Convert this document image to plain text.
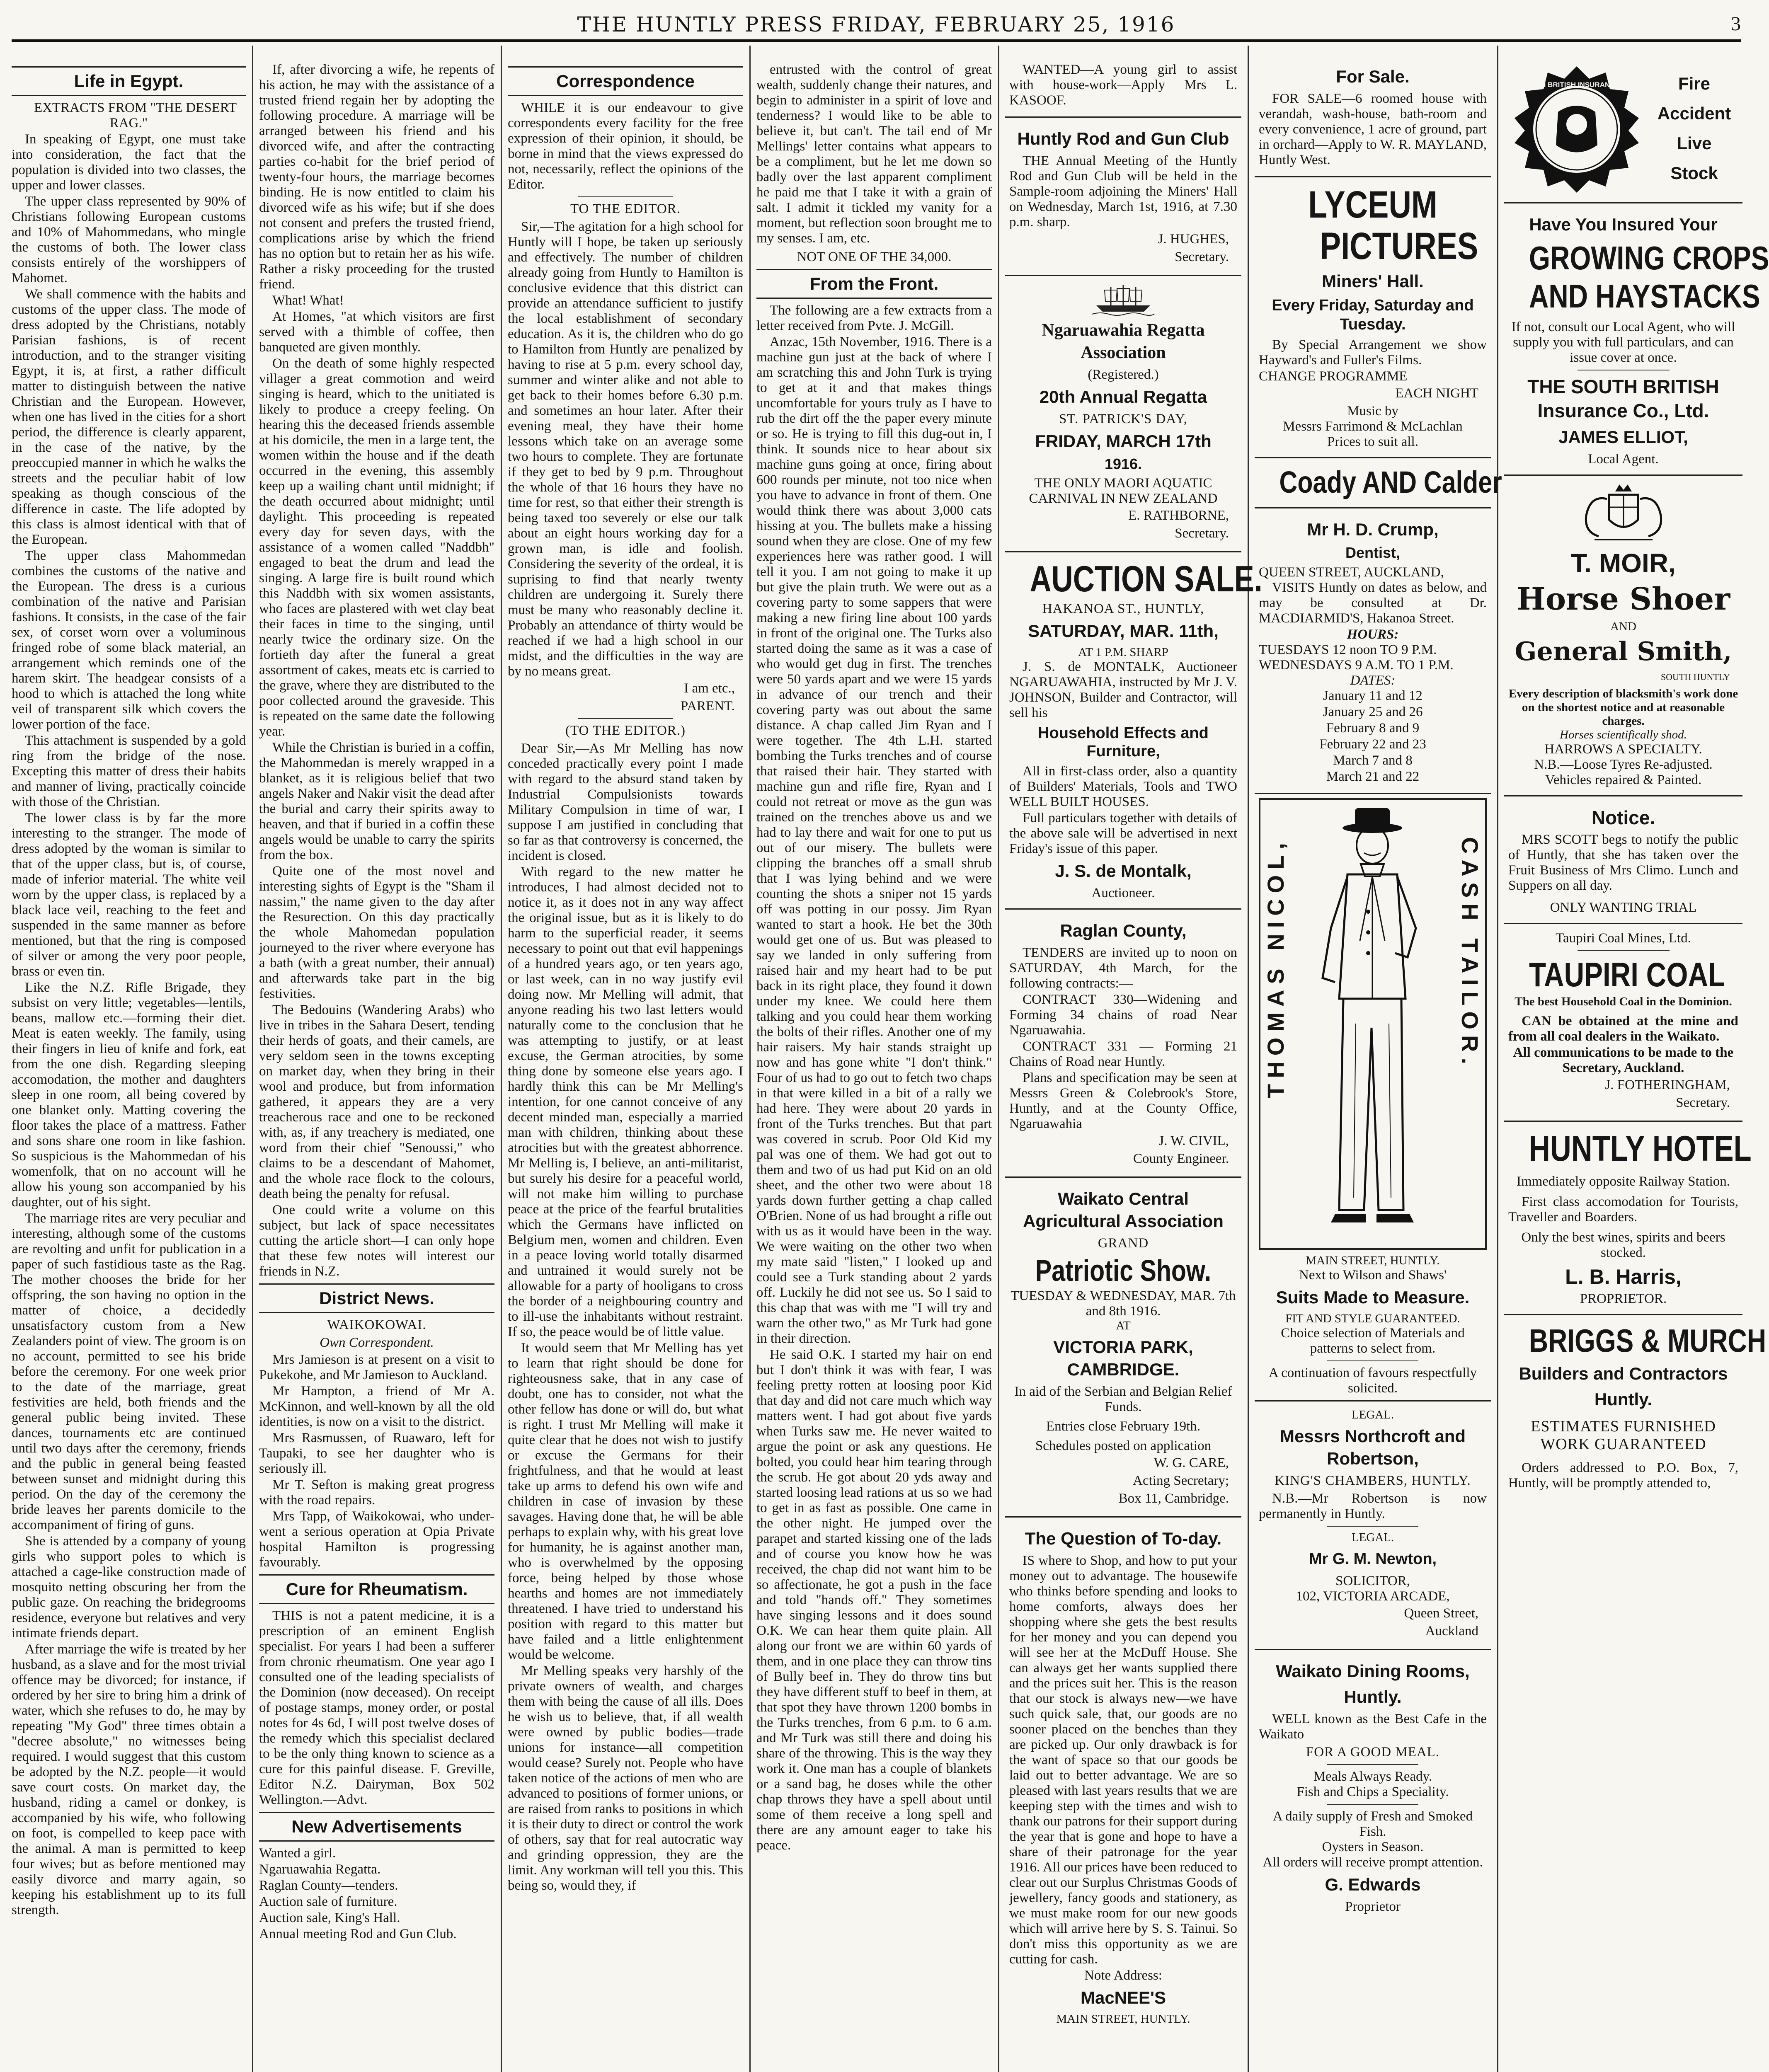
THE HUNTLY PRESS FRIDAY, FEBRUARY 25, 1916	3
Life in Egypt.
EXTRACTS FROM "THE DESERT RAG."
In speaking of Egypt, one must take into consideration, the fact that the population is divided into two classes, the upper and lower classes.
The upper class represented by 90% of Christians following European customs and 10% of Mahommedans, who mingle the customs of both. The lower class consists entirely of the worshippers of Mahomet.
We shall commence with the habits and customs of the upper class. The mode of dress adopted by the Christians, notably Parisian fashions, is of recent introduction, and to the stranger visiting Egypt, it is, at first, a rather difficult matter to distinguish between the native Christian and the European. However, when one has lived in the cities for a short period, the difference is clearly apparent, in the case of the native, by the preoccupied manner in which he walks the streets and the peculiar habit of low speaking as though conscious of the difference in caste. The life adopted by this class is almost identical with that of the European.
The upper class Mahommedan combines the customs of the native and the European. The dress is a curious combination of the native and Parisian fashions. It consists, in the case of the fair sex, of corset worn over a voluminous fringed robe of some black material, an arrangement which reminds one of the harem skirt. The headgear consists of a hood to which is attached the long white veil of transparent silk which covers the lower portion of the face.
This attachment is suspended by a gold ring from the bridge of the nose. Excepting this matter of dress their habits and manner of living, practically coincide with those of the Christian.
The lower class is by far the more interesting to the stranger. The mode of dress adopted by the woman is similar to that of the upper class, but is, of course, made of inferior material. The white veil worn by the upper class, is replaced by a black lace veil, reaching to the feet and suspended in the same manner as before mentioned, but that the ring is composed of silver or among the very poor people, brass or even tin.
Like the N.Z. Rifle Brigade, they subsist on very little; vegetables—lentils, beans, mallow etc.—forming their diet. Meat is eaten weekly. The family, using their fingers in lieu of knife and fork, eat from the one dish. Regarding sleeping accomodation, the mother and daughters sleep in one room, all being covered by one blanket only. Matting covering the floor takes the place of a mattress. Father and sons share one room in like fashion. So suspicious is the Mahommedan of his womenfolk, that on no account will he allow his young son accompanied by his daughter, out of his sight.
The marriage rites are very peculiar and interesting, although some of the customs are revolting and unfit for publication in a paper of such fastidious taste as the Rag. The mother chooses the bride for her offspring, the son having no option in the matter of choice, a decidedly unsatisfactory custom from a New Zealanders point of view. The groom is on no account, permitted to see his bride before the ceremony. For one week prior to the date of the marriage, great festivities are held, both friends and the general public being invited. These dances, tournaments etc are continued until two days after the ceremony, friends and the public in general being feasted between sunset and midnight during this period. On the day of the ceremony the bride leaves her parents domicile to the accompaniment of firing of guns.
She is attended by a company of young girls who support poles to which is attached a cage-like construction made of mosquito netting obscuring her from the public gaze. On reaching the bridegrooms residence, everyone but relatives and very intimate friends depart.
After marriage the wife is treated by her husband, as a slave and for the most trivial offence may be divorced; for instance, if ordered by her sire to bring him a drink of water, which she refuses to do, he may by repeating "My God" three times obtain a "decree absolute," no witnesses being required. I would suggest that this custom be adopted by the N.Z. people—it would save court costs. On market day, the husband, riding a camel or donkey, is accompanied by his wife, who following on foot, is compelled to keep pace with the animal. A man is permitted to keep four wives; but as before mentioned may easily divorce and marry again, so keeping his establishment up to its full strength.
If, after divorcing a wife, he repents of his action, he may with the assistance of a trusted friend regain her by adopting the following procedure. A marriage will be arranged between his friend and his divorced wife, and after the contracting parties co-habit for the brief period of twenty-four hours, the marriage becomes binding. He is now entitled to claim his divorced wife as his wife; but if she does not consent and prefers the trusted friend, complications arise by which the friend has no option but to retain her as his wife. Rather a risky proceeding for the trusted friend.
What! What!
At Homes, "at which visitors are first served with a thimble of coffee, then banqueted are given monthly.
On the death of some highly respected villager a great commotion and weird singing is heard, which to the unitiated is likely to produce a creepy feeling. On hearing this the deceased friends assemble at his domicile, the men in a large tent, the women within the house and if the death occurred in the evening, this assembly keep up a wailing chant until midnight; if the death occurred about midnight; until daylight. This proceeding is repeated every day for seven days, with the assistance of a women called "Naddbh" engaged to beat the drum and lead the singing. A large fire is built round which this Naddbh with six women assistants, who faces are plastered with wet clay beat their faces in time to the singing, until nearly twice the ordinary size. On the fortieth day after the funeral a great assortment of cakes, meats etc is carried to the grave, where they are distributed to the poor collected around the graveside. This is repeated on the same date the following year.
While the Christian is buried in a coffin, the Mahommedan is merely wrapped in a blanket, as it is religious belief that two angels Naker and Nakir visit the dead after the burial and carry their spirits away to heaven, and that if buried in a coffin these angels would be unable to carry the spirits from the box.
Quite one of the most novel and interesting sights of Egypt is the "Sham il nassim," the name given to the day after the Resurection. On this day practically the whole Mahomedan population journeyed to the river where everyone has a bath (with a great number, their annual) and afterwards take part in the big festivities.
The Bedouins (Wandering Arabs) who live in tribes in the Sahara Desert, tending their herds of goats, and their camels, are very seldom seen in the towns excepting on market day, when they bring in their wool and produce, but from information gathered, it appears they are a very treacherous race and one to be reckoned with, as, if any treachery is mediated, one word from their chief "Senoussi," who claims to be a descendant of Mahomet, and the whole race flock to the colours, death being the penalty for refusal.
One could write a volume on this subject, but lack of space necessitates cutting the article short—I can only hope that these few notes will interest our friends in N.Z.
District News.
WAIKOKOWAI.
Own Correspondent.
Mrs Jamieson is at present on a visit to Pukekohe, and Mr Jamieson to Auckland.
Mr Hampton, a friend of Mr A. McKinnon, and well-known by all the old identities, is now on a visit to the district.
Mrs Rasmussen, of Ruawaro, left for Taupaki, to see her daughter who is seriously ill.
Mr T. Sefton is making great progress with the road repairs.
Mrs Tapp, of Waikokowai, who under-went a serious operation at Opia Private hospital Hamilton is progressing favourably.
Cure for Rheumatism.
THIS is not a patent medicine, it is a prescription of an eminent English specialist. For years I had been a sufferer from chronic rheumatism. One year ago I consulted one of the leading specialists of the Dominion (now deceased). On receipt of postage stamps, money order, or postal notes for 4s 6d, I will post twelve doses of the remedy which this specialist declared to be the only thing known to science as a cure for this painful disease. F. Greville, Editor N.Z. Dairyman, Box 502 Wellington.—Advt.
New Advertisements
Wanted a girl.
Ngaruawahia Regatta.
Raglan County—tenders.
Auction sale of furniture.
Auction sale, King's Hall.
Annual meeting Rod and Gun Club.
Correspondence
WHILE it is our endeavour to give correspondents every facility for the free expression of their opinion, it should, be borne in mind that the views expressed do not, necessarily, reflect the opinions of the Editor.
TO THE EDITOR.
Sir,—The agitation for a high school for Huntly will I hope, be taken up seriously and effectively. The number of children already going from Huntly to Hamilton is conclusive evidence that this district can provide an attendance sufficient to justify the local establishment of secondary education. As it is, the children who do go to Hamilton from Huntly are penalized by having to rise at 5 p.m. every school day, summer and winter alike and not able to get back to their homes before 6.30 p.m. and sometimes an hour later. After their evening meal, they have their home lessons which take on an average some two hours to complete. They are fortunate if they get to bed by 9 p.m. Throughout the whole of that 16 hours they have no time for rest, so that either their strength is being taxed too severely or else our talk about an eight hours working day for a grown man, is idle and foolish. Considering the severity of the ordeal, it is suprising to find that nearly twenty children are undergoing it. Surely there must be many who reasonably decline it. Probably an attendance of thirty would be reached if we had a high school in our midst, and the difficulties in the way are by no means great.
I am etc.,
PARENT.
(TO THE EDITOR.)
Dear Sir,—As Mr Melling has now conceded practically every point I made with regard to the absurd stand taken by Industrial Compulsionists towards Military Compulsion in time of war, I suppose I am justified in concluding that so far as that controversy is concerned, the incident is closed.
With regard to the new matter he introduces, I had almost decided not to notice it, as it does not in any way affect the original issue, but as it is likely to do harm to the superficial reader, it seems necessary to point out that evil happenings of a hundred years ago, or ten years ago, or last week, can in no way justify evil doing now. Mr Melling will admit, that anyone reading his two last letters would naturally come to the conclusion that he was attempting to justify, or at least excuse, the German atrocities, by some thing done by someone else years ago. I hardly think this can be Mr Melling's intention, for one cannot conceive of any decent minded man, especially a married man with children, thinking about these atrocities but with the greatest abhorrence. Mr Melling is, I believe, an anti-militarist, but surely his desire for a peaceful world, will not make him willing to purchase peace at the price of the fearful brutalities which the Germans have inflicted on Belgium men, women and children. Even in a peace loving world totally disarmed and untrained it would surely not be allowable for a party of hooligans to cross the border of a neighbouring country and to ill-use the inhabitants without restraint. If so, the peace would be of little value.
It would seem that Mr Melling has yet to learn that right should be done for righteousness sake, that in any case of doubt, one has to consider, not what the other fellow has done or will do, but what is right. I trust Mr Melling will make it quite clear that he does not wish to justify or excuse the Germans for their frightfulness, and that he would at least take up arms to defend his own wife and children in case of invasion by these savages. Having done that, he will be able perhaps to explain why, with his great love for humanity, he is against another man, who is overwhelmed by the opposing force, being helped by those whose hearths and homes are not immediately threatened. I have tried to understand his position with regard to this matter but have failed and a little enlightenment would be welcome.
Mr Melling speaks very harshly of the private owners of wealth, and charges them with being the cause of all ills. Does he wish us to believe, that, if all wealth were owned by public bodies—trade unions for instance—all competition would cease? Surely not. People who have taken notice of the actions of men who are advanced to positions of former unions, or are raised from ranks to positions in which it is their duty to direct or control the work of others, say that for real autocratic way and grinding oppression, they are the limit. Any workman will tell you this. This being so, would they, if
entrusted with the control of great wealth, suddenly change their natures, and begin to administer in a spirit of love and tenderness? I would like to be able to believe it, but can't. The tail end of Mr Mellings' letter contains what appears to be a compliment, but he let me down so badly over the last apparent compliment he paid me that I take it with a grain of salt. I admit it tickled my vanity for a moment, but reflection soon brought me to my senses. I am, etc.
NOT ONE OF THE 34,000.
From the Front.
The following are a few extracts from a letter received from Pvte. J. McGill.
Anzac, 15th November, 1916. There is a machine gun just at the back of where I am scratching this and John Turk is trying to get at it and that makes things uncomfortable for yours truly as I have to rub the dirt off the the paper every minute or so. He is trying to fill this dug-out in, I think. It sounds nice to hear about six machine guns going at once, firing about 600 rounds per minute, not too nice when you have to advance in front of them. One would think there was about 3,000 cats hissing at you. The bullets make a hissing sound when they are close. One of my few experiences here was rather good. I will tell it you. I am not going to make it up but give the plain truth. We were out as a covering party to some sappers that were making a new firing line about 100 yards in front of the original one. The Turks also started doing the same as it was a case of who would get dug in first. The trenches were 50 yards apart and we were 15 yards in advance of our trench and their covering party was out about the same distance. A chap called Jim Ryan and I were together. The 4th L.H. started bombing the Turks trenches and of course that raised their hair. They started with machine gun and rifle fire, Ryan and I could not retreat or move as the gun was trained on the trenches above us and we had to lay there and wait for one to put us out of our misery. The bullets were clipping the branches off a small shrub that I was lying behind and we were counting the shots a sniper not 15 yards off was potting in our possy. Jim Ryan wanted to start a hook. He bet the 30th would get one of us. But was pleased to say we landed in only suffering from raised hair and my heart had to be put back in its right place, they found it down under my knee. We could here them talking and you could hear them working the bolts of their rifles. Another one of my hair raisers. My hair stands straight up now and has gone white "I don't think." Four of us had to go out to fetch two chaps in that were killed in a bit of a rally we had here. They were about 20 yards in front of the Turks trenches. But that part was covered in scrub. Poor Old Kid my pal was one of them. We had got out to them and two of us had put Kid on an old sheet, and the other two were about 18 yards down further getting a chap called O'Brien. None of us had brought a rifle out with us as it would have been in the way. We were waiting on the other two when my mate said "listen," I looked up and could see a Turk standing about 2 yards off. Luckily he did not see us. So I said to this chap that was with me "I will try and warn the other two," as Mr Turk had gone in their direction.
He said O.K. I started my hair on end but I don't think it was with fear, I was feeling pretty rotten at loosing poor Kid that day and did not care much which way matters went. I had got about five yards when Turks saw me. He never waited to argue the point or ask any questions. He bolted, you could hear him tearing through the scrub. He got about 20 yds away and started loosing lead rations at us so we had to get in as fast as possible. One came in the other night. He jumped over the parapet and started kissing one of the lads and of course you know how he was received, the chap did not want him to be so affectionate, he got a push in the face and told "hands off." They sometimes have singing lessons and it does sound O.K. We can hear them quite plain. All along our front we are within 60 yards of them, and in one place they can throw tins of Bully beef in. They do throw tins but they have different stuff to beef in them, at that spot they have thrown 1200 bombs in the Turks trenches, from 6 p.m. to 6 a.m. and Mr Turk was still there and doing his share of the throwing. This is the way they work it. One man has a couple of blankets or a sand bag, he doses while the other chap throws they have a spell about until some of them receive a long spell and there are any amount eager to take his peace.
WANTED—A young girl to assist with house-work—Apply Mrs L. KASOOF.
Huntly Rod and Gun Club
THE Annual Meeting of the Huntly Rod and Gun Club will be held in the Sample-room adjoining the Miners' Hall on Wednesday, March 1st, 1916, at 7.30 p.m. sharp.
J. HUGHES,
Secretary.
Ngaruawahia Regatta Association
(Registered.)
20th Annual Regatta
ST. PATRICK'S DAY,
FRIDAY, MARCH 17th
1916.
THE ONLY MAORI AQUATIC CARNIVAL IN NEW ZEALAND
E. RATHBORNE,
Secretary.
AUCTION SALE.
HAKANOA ST., HUNTLY,
SATURDAY, MAR. 11th,
AT 1 P.M. SHARP
J. S. de MONTALK, Auctioneer NGARUAWAHIA, instructed by Mr J. V. JOHNSON, Builder and Contractor, will sell his
Household Effects and Furniture,
All in first-class order, also a quantity of Builders' Materials, Tools and TWO WELL BUILT HOUSES.
Full particulars together with details of the above sale will be advertised in next Friday's issue of this paper.
J. S. de Montalk,
Auctioneer.
Raglan County,
TENDERS are invited up to noon on SATURDAY, 4th March, for the following contracts:—
CONTRACT 330—Widening and Forming 34 chains of road Near Ngaruawahia.
CONTRACT 331 — Forming 21 Chains of Road near Huntly.
Plans and specification may be seen at Messrs Green & Colebrook's Store, Huntly, and at the County Office, Ngaruawahia
J. W. CIVIL,
County Engineer.
Waikato Central Agricultural Association
GRAND
Patriotic Show.
TUESDAY & WEDNESDAY, MAR. 7th and 8th 1916.
AT
VICTORIA PARK, CAMBRIDGE.
In aid of the Serbian and Belgian Relief Funds.
Entries close February 19th.
Schedules posted on application
W. G. CARE,
Acting Secretary;
Box 11, Cambridge.
The Question of To-day.
IS where to Shop, and how to put your money out to advantage. The housewife who thinks before spending and looks to home comforts, always does her shopping where she gets the best results for her money and you can depend you will see her at the McDuff House. She can always get her wants supplied there and the prices suit her. This is the reason that our stock is always new—we have such quick sale, that, our goods are no sooner placed on the benches than they are picked up. Our only drawback is for the want of space so that our goods be laid out to better advantage. We are so pleased with last years results that we are keeping step with the times and wish to thank our patrons for their support during the year that is gone and hope to have a share of their patronage for the year 1916. All our prices have been reduced to clear out our Surplus Christmas Goods of jewellery, fancy goods and stationery, as we must make room for our new goods which will arrive here by S. S. Tainui. So don't miss this opportunity as we are cutting for cash.
Note Address:
MacNEE'S
MAIN STREET, HUNTLY.
For Sale.
FOR SALE—6 roomed house with verandah, wash-house, bath-room and every convenience, 1 acre of ground, part in orchard—Apply to W. R. MAYLAND, Huntly West.
LYCEUM
PICTURES
Miners' Hall.
Every Friday, Saturday and Tuesday.
By Special Arrangement we show Hayward's and Fuller's Films.
CHANGE PROGRAMME
EACH NIGHT
Music by
Messrs Farrimond & McLachlan
Prices to suit all.
Coady AND Calder
Mr H. D. Crump,
Dentist,
QUEEN STREET, AUCKLAND,
VISITS Huntly on dates as below, and may be consulted at Dr. MACDIARMID'S, Hakanoa Street.
HOURS:
TUESDAYS 12 noon TO 9 P.M.
WEDNESDAYS 9 A.M. TO 1 P.M.
DATES:
January 11 and 12
January 25 and 26
February 8 and 9
February 22 and 23
March 7 and 8
March 21 and 22
THOMAS NICOL,	CASH TAILOR.
MAIN STREET, HUNTLY.
Next to Wilson and Shaws'
Suits Made to Measure.
FIT AND STYLE GUARANTEED.
Choice selection of Materials and patterns to select from.
A continuation of favours respectfully solicited.
LEGAL.
Messrs Northcroft and Robertson,
KING'S CHAMBERS, HUNTLY.
N.B.—Mr Robertson is now permanently in Huntly.
LEGAL.
Mr G. M. Newton,
SOLICITOR,
102, VICTORIA ARCADE,
Queen Street,
Auckland
Waikato Dining Rooms,
Huntly.
WELL known as the Best Cafe in the Waikato
FOR A GOOD MEAL.
Meals Always Ready.
Fish and Chips a Speciality.
A daily supply of Fresh and Smoked Fish.
Oysters in Season.
All orders will receive prompt attention.
G. Edwards
Proprietor
SOUTH BRITISH INSURANCE CO	Fire
Accident
Live
Stock
Have You Insured Your
GROWING CROPS
AND HAYSTACKS
If not, consult our Local Agent, who will supply you with full particulars, and can issue cover at once.
THE SOUTH BRITISH Insurance Co., Ltd.
JAMES ELLIOT,
Local Agent.
T. MOIR,
Horse Shoer
AND
General Smith,
SOUTH HUNTLY
Every description of blacksmith's work done on the shortest notice and at reasonable charges.
Horses scientifically shod.
HARROWS A SPECIALTY.
N.B.—Loose Tyres Re-adjusted.
Vehicles repaired & Painted.
Notice.
MRS SCOTT begs to notify the public of Huntly, that she has taken over the Fruit Business of Mrs Climo. Lunch and Suppers on all day.
ONLY WANTING TRIAL
Taupiri Coal Mines, Ltd.
TAUPIRI COAL
The best Household Coal in the Dominion.
CAN be obtained at the mine and from all coal dealers in the Waikato.
All communications to be made to the Secretary, Auckland.
J. FOTHERINGHAM,
Secretary.
HUNTLY HOTEL
Immediately opposite Railway Station.
First class accomodation for Tourists, Traveller and Boarders.
Only the best wines, spirits and beers stocked.
L. B. Harris,
PROPRIETOR.
BRIGGS & MURCH
Builders and Contractors
Huntly.
ESTIMATES FURNISHED
WORK GUARANTEED
Orders addressed to P.O. Box, 7, Huntly, will be promptly attended to,
